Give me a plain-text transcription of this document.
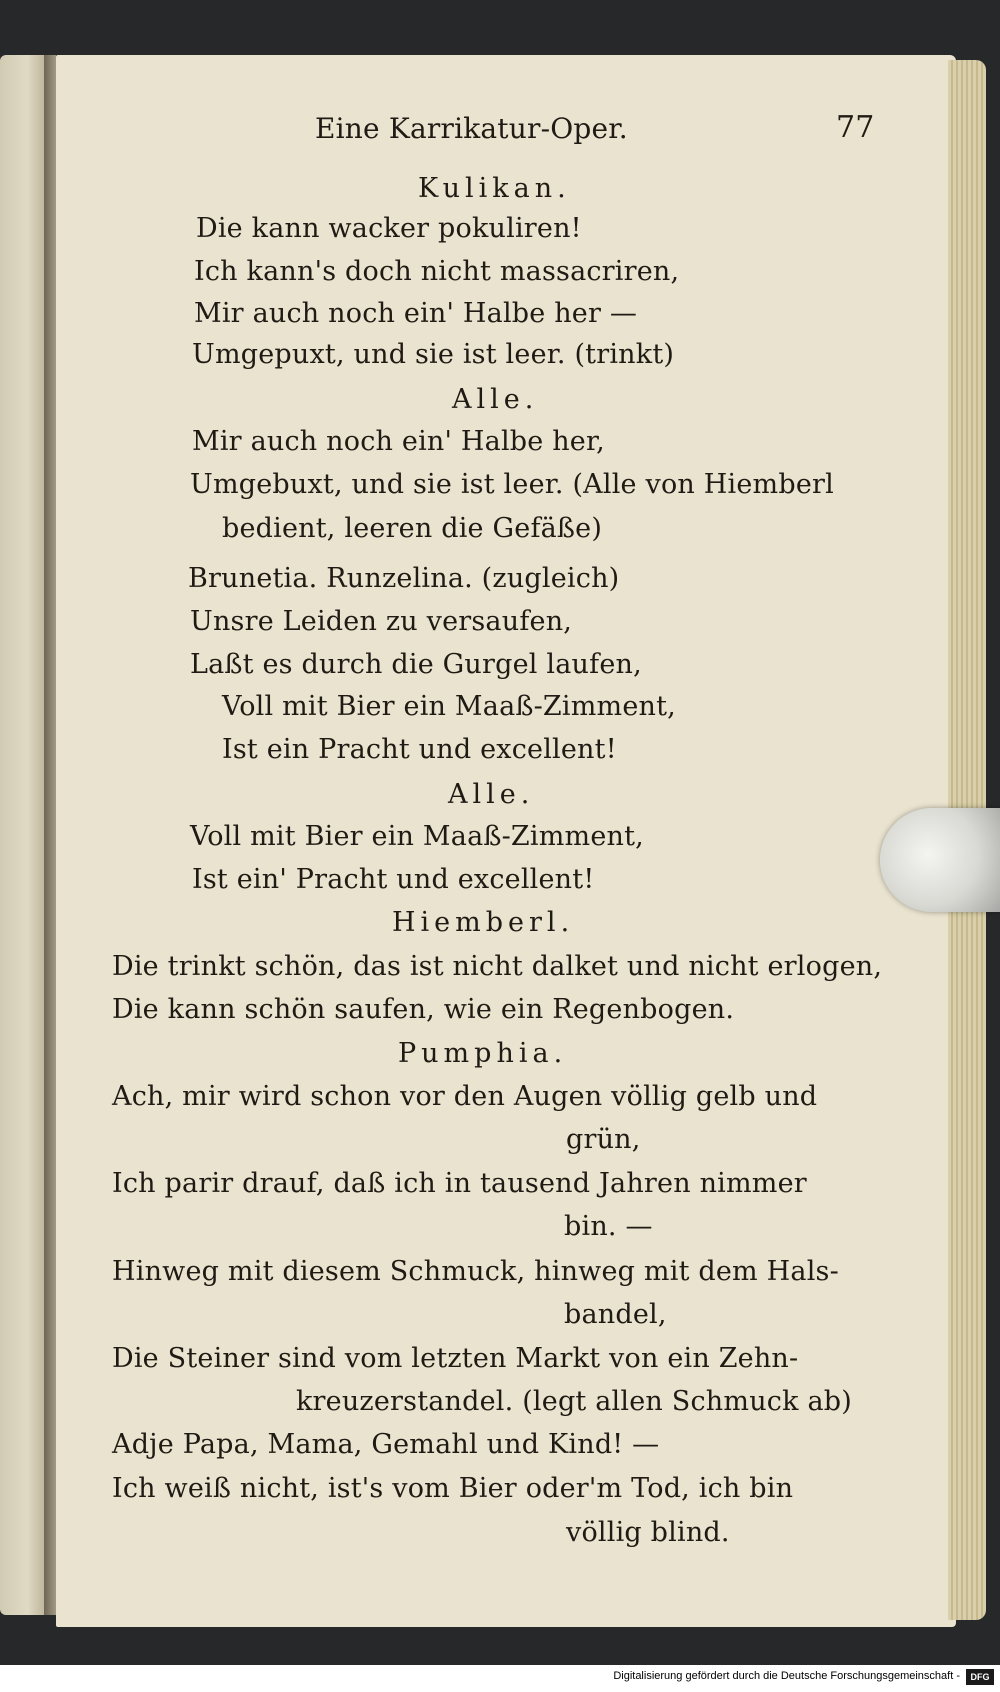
Eine Karrikatur-Oper.	77
Kulikan.
Die kann wacker pokuliren!
Ich kann's doch nicht massacriren,
Mir auch noch ein' Halbe her —
Umgepuxt, und sie ist leer. (trinkt)
Alle.
Mir auch noch ein' Halbe her,
Umgebuxt, und sie ist leer. (Alle von Hiemberl
bedient, leeren die Gefäße)
Brunetia. Runzelina. (zugleich)
Unsre Leiden zu versaufen,
Laßt es durch die Gurgel laufen,
Voll mit Bier ein Maaß-Zimment,
Ist ein Pracht und excellent!
Alle.
Voll mit Bier ein Maaß-Zimment,
Ist ein' Pracht und excellent!
Hiemberl.
Die trinkt schön, das ist nicht dalket und nicht erlogen,
Die kann schön saufen, wie ein Regenbogen.
Pumphia.
Ach, mir wird schon vor den Augen völlig gelb und
grün,
Ich parir drauf, daß ich in tausend Jahren nimmer
bin. —
Hinweg mit diesem Schmuck, hinweg mit dem Hals-
bandel,
Die Steiner sind vom letzten Markt von ein Zehn-
kreuzerstandel. (legt allen Schmuck ab)
Adje Papa, Mama, Gemahl und Kind! —
Ich weiß nicht, ist's vom Bier oder'm Tod, ich bin
völlig blind.
Digitalisierung gefördert durch die Deutsche Forschungsgemeinschaft -	DFG
